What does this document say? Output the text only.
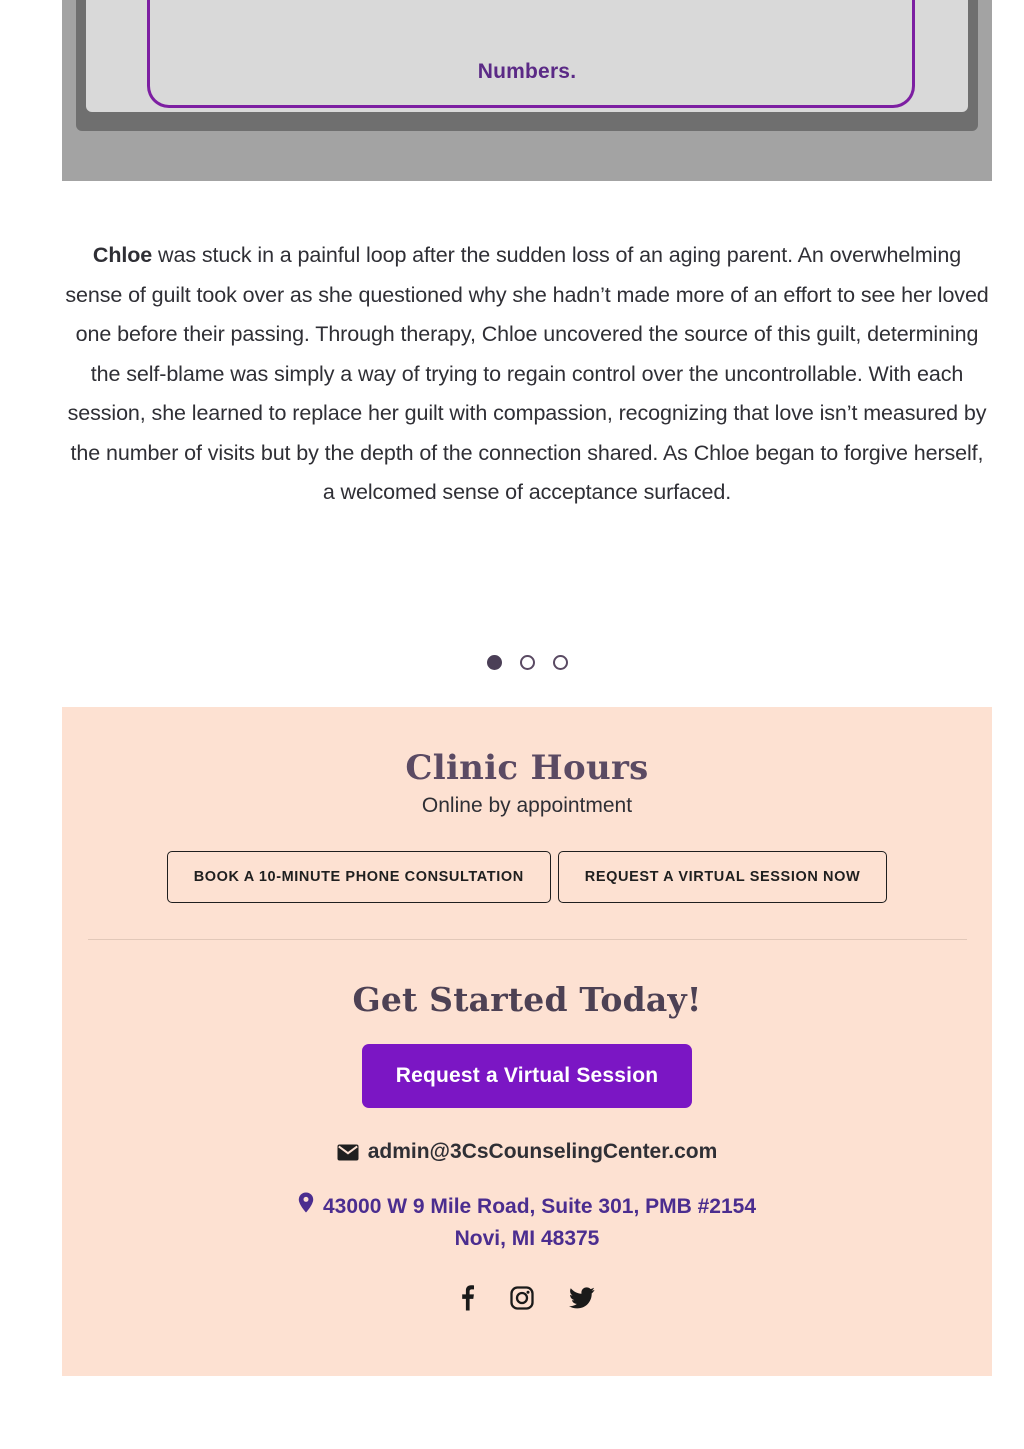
Numbers.
Chloe was stuck in a painful loop after the sudden loss of an aging parent. An overwhelming sense of guilt took over as she questioned why she hadn’t made more of an effort to see her loved one before their passing. Through therapy, Chloe uncovered the source of this guilt, determining the self-blame was simply a way of trying to regain control over the uncontrollable. With each session, she learned to replace her guilt with compassion, recognizing that love isn’t measured by the number of visits but by the depth of the connection shared. As Chloe began to forgive herself, a welcomed sense of acceptance surfaced.
Clinic Hours

Online by appointment

BOOK A 10-MINUTE PHONE CONSULTATION	REQUEST A VIRTUAL SESSION NOW
Get Started Today!
Request a Virtual Session
admin@3CsCounselingCenter.com
43000 W 9 Mile Road, Suite 301, PMB #2154
Novi, MI 48375
